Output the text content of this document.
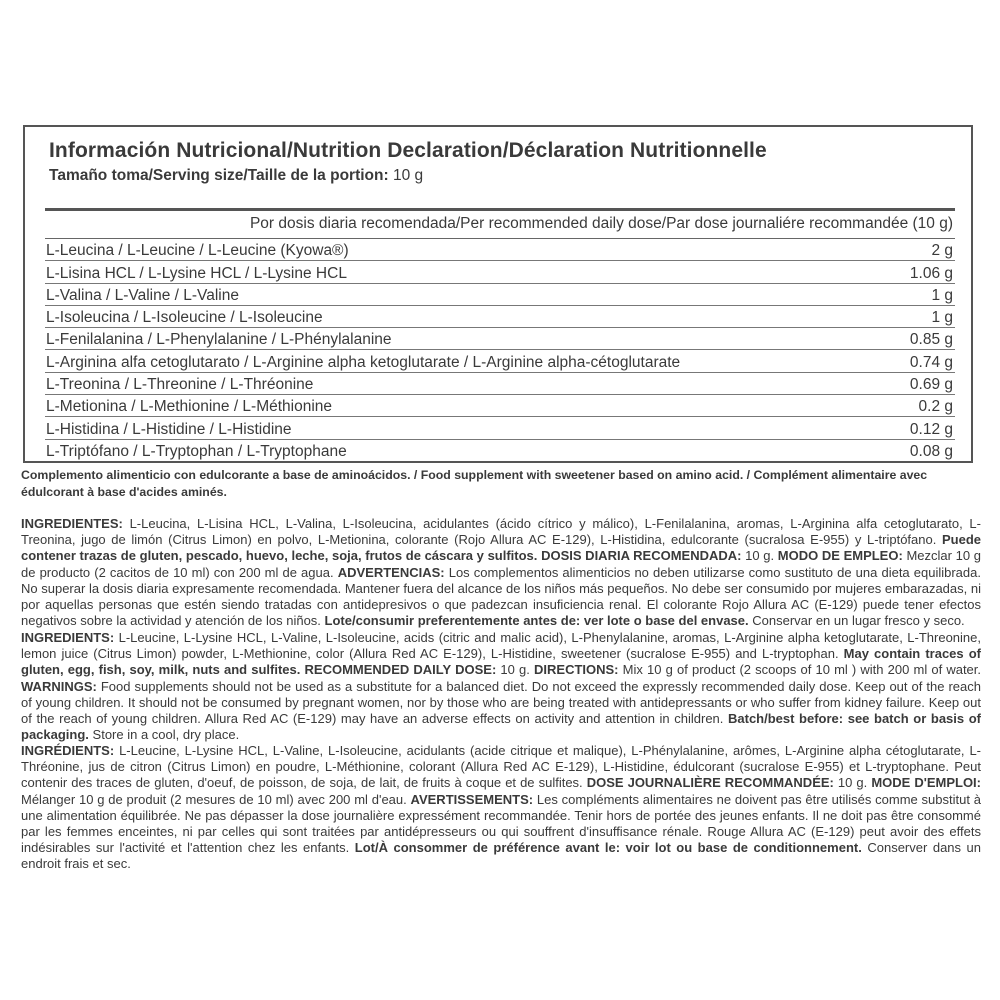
Información Nutricional/Nutrition Declaration/Déclaration Nutritionnelle
Tamaño toma/Serving size/Taille de la portion: 10 g
Por dosis diaria recomendada/Per recommended daily dose/Par dose journaliére recommandée (10 g)
L-Leucina / L-Leucine / L-Leucine (Kyowa®)	2 g
L-Lisina HCL / L-Lysine HCL / L-Lysine HCL	1.06 g
L-Valina / L-Valine / L-Valine	1 g
L-Isoleucina / L-Isoleucine / L-Isoleucine	1 g
L-Fenilalanina / L-Phenylalanine / L-Phénylalanine	0.85 g
L-Arginina alfa cetoglutarato / L-Arginine alpha ketoglutarate / L-Arginine alpha-cétoglutarate	0.74 g
L-Treonina / L-Threonine / L-Thréonine	0.69 g
L-Metionina / L-Methionine / L-Méthionine	0.2 g
L-Histidina / L-Histidine / L-Histidine	0.12 g
L-Triptófano / L-Tryptophan / L-Tryptophane	0.08 g
Complemento alimenticio con edulcorante a base de aminoácidos. / Food supplement with sweetener based on amino acid. / Complément alimentaire avec édulcorant à base d'acides aminés.
INGREDIENTES: L-Leucina, L-Lisina HCL, L-Valina, L-Isoleucina, acidulantes (ácido cítrico y málico), L-Fenilalanina, aromas, L-Arginina alfa cetoglutarato, L-Treonina, jugo de limón (Citrus Limon) en polvo, L-Metionina, colorante (Rojo Allura AC E-129), L-Histidina, edulcorante (sucralosa E-955) y L-triptófano. Puede contener trazas de gluten, pescado, huevo, leche, soja, frutos de cáscara y sulfitos. DOSIS DIARIA RECOMENDADA: 10 g. MODO DE EMPLEO: Mezclar 10 g de producto (2 cacitos de 10 ml) con 200 ml de agua. ADVERTENCIAS: Los complementos alimenticios no deben utilizarse como sustituto de una dieta equilibrada. No superar la dosis diaria expresamente recomendada. Mantener fuera del alcance de los niños más pequeños. No debe ser consumido por mujeres embarazadas, ni por aquellas personas que estén siendo tratadas con antidepresivos o que padezcan insuficiencia renal. El colorante Rojo Allura AC (E-129) puede tener efectos negativos sobre la actividad y atención de los niños. Lote/consumir preferentemente antes de: ver lote o base del envase. Conservar en un lugar fresco y seco.
INGREDIENTS: L-Leucine, L-Lysine HCL, L-Valine, L-Isoleucine, acids (citric and malic acid), L-Phenylalanine, aromas, L-Arginine alpha ketoglutarate, L-Threonine, lemon juice (Citrus Limon) powder, L-Methionine, color (Allura Red AC E-129), L-Histidine, sweetener (sucralose E-955) and L-tryptophan. May contain traces of gluten, egg, fish, soy, milk, nuts and sulfites. RECOMMENDED DAILY DOSE: 10 g. DIRECTIONS: Mix 10 g of product (2 scoops of 10 ml ) with 200 ml of water. WARNINGS: Food supplements should not be used as a substitute for a balanced diet. Do not exceed the expressly recommended daily dose. Keep out of the reach of young children. It should not be consumed by pregnant women, nor by those who are being treated with antidepressants or who suffer from kidney failure. Keep out of the reach of young children. Allura Red AC (E-129) may have an adverse effects on activity and attention in children. Batch/best before: see batch or basis of packaging. Store in a cool, dry place.
INGRÉDIENTS: L-Leucine, L-Lysine HCL, L-Valine, L-Isoleucine, acidulants (acide citrique et malique), L-Phénylalanine, arômes, L-Arginine alpha cétoglutarate, L-Thréonine, jus de citron (Citrus Limon) en poudre, L-Méthionine, colorant (Allura Red AC E-129), L-Histidine, édulcorant (sucralose E-955) et L-tryptophane. Peut contenir des traces de gluten, d'oeuf, de poisson, de soja, de lait, de fruits à coque et de sulfites. DOSE JOURNALIÈRE RECOMMANDÉE: 10 g. MODE D'EMPLOI: Mélanger 10 g de produit (2 mesures de 10 ml) avec 200 ml d'eau. AVERTISSEMENTS: Les compléments alimentaires ne doivent pas être utilisés comme substitut à une alimentation équilibrée. Ne pas dépasser la dose journalière expressément recommandée. Tenir hors de portée des jeunes enfants. Il ne doit pas être consommé par les femmes enceintes, ni par celles qui sont traitées par antidépresseurs ou qui souffrent d'insuffisance rénale. Rouge Allura AC (E-129) peut avoir des effets indésirables sur l'activité et l'attention chez les enfants. Lot/À consommer de préférence avant le: voir lot ou base de conditionnement. Conserver dans un endroit frais et sec.
